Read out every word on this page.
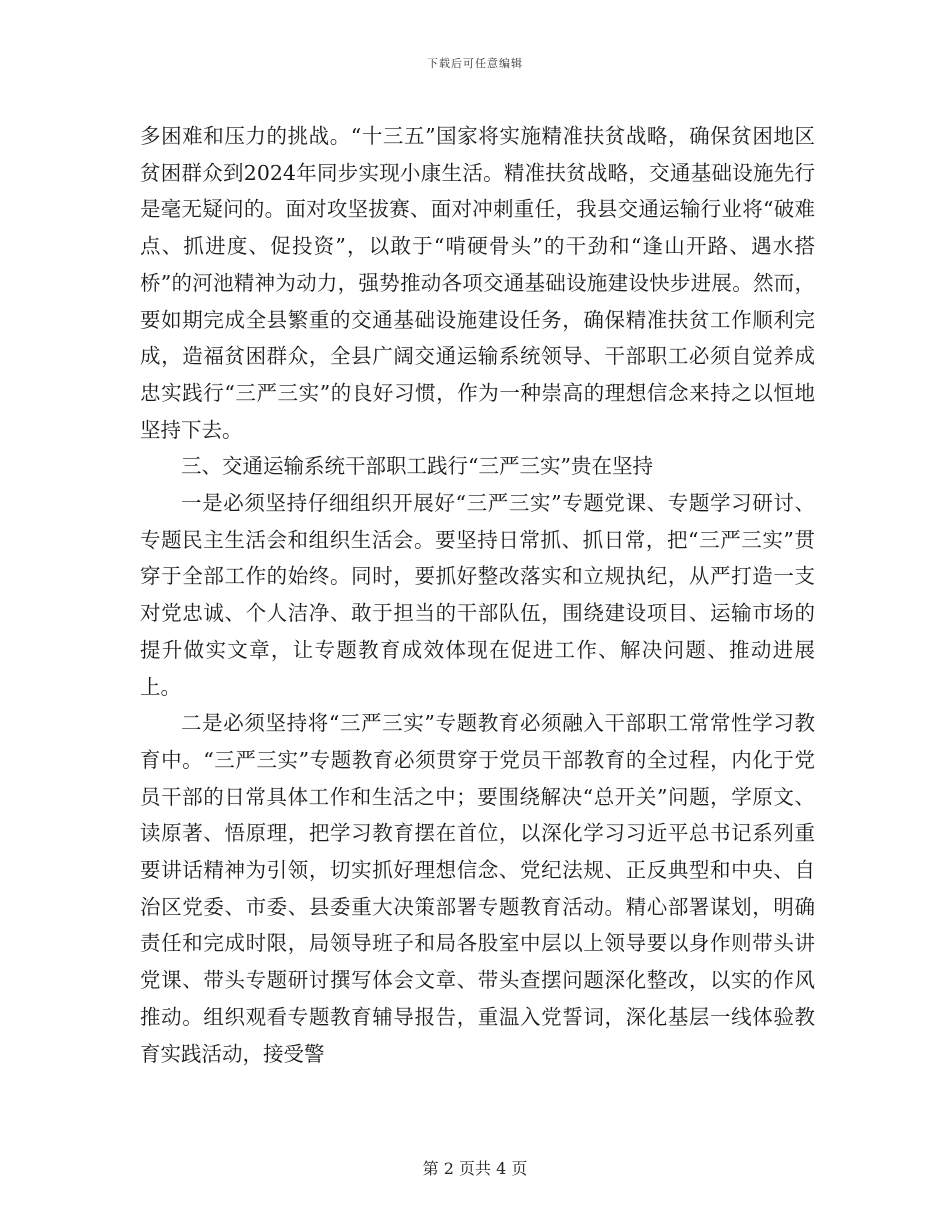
下载后可任意编辑

多困难和压力的挑战。“十三五”国家将实施精准扶贫战略，确保贫困地区贫困群众到2024年同步实现小康生活。精准扶贫战略，交通基础设施先行是毫无疑问的。面对攻坚拔赛、面对冲刺重任，我县交通运输行业将“破难点、抓进度、促投资”，以敢于“啃硬骨头”的干劲和“逢山开路、遇水搭桥”的河池精神为动力，强势推动各项交通基础设施建设快步进展。然而，要如期完成全县繁重的交通基础设施建设任务，确保精准扶贫工作顺利完成，造福贫困群众，全县广阔交通运输系统领导、干部职工必须自觉养成忠实践行“三严三实”的良好习惯，作为一种崇高的理想信念来持之以恒地坚持下去。

三、交通运输系统干部职工践行“三严三实”贵在坚持

一是必须坚持仔细组织开展好“三严三实”专题党课、专题学习研讨、专题民主生活会和组织生活会。要坚持日常抓、抓日常，把“三严三实”贯穿于全部工作的始终。同时，要抓好整改落实和立规执纪，从严打造一支对党忠诚、个人洁净、敢于担当的干部队伍，围绕建设项目、运输市场的提升做实文章，让专题教育成效体现在促进工作、解决问题、推动进展上。

二是必须坚持将“三严三实”专题教育必须融入干部职工常常性学习教育中。“三严三实”专题教育必须贯穿于党员干部教育的全过程，内化于党员干部的日常具体工作和生活之中；要围绕解决“总开关”问题，学原文、读原著、悟原理，把学习教育摆在首位，以深化学习习近平总书记系列重要讲话精神为引领，切实抓好理想信念、党纪法规、正反典型和中央、自治区党委、市委、县委重大决策部署专题教育活动。精心部署谋划，明确责任和完成时限，局领导班子和局各股室中层以上领导要以身作则带头讲党课、带头专题研讨撰写体会文章、带头查摆问题深化整改，以实的作风推动。组织观看专题教育辅导报告，重温入党誓词，深化基层一线体验教育实践活动，接受警

第 2 页共 4 页
